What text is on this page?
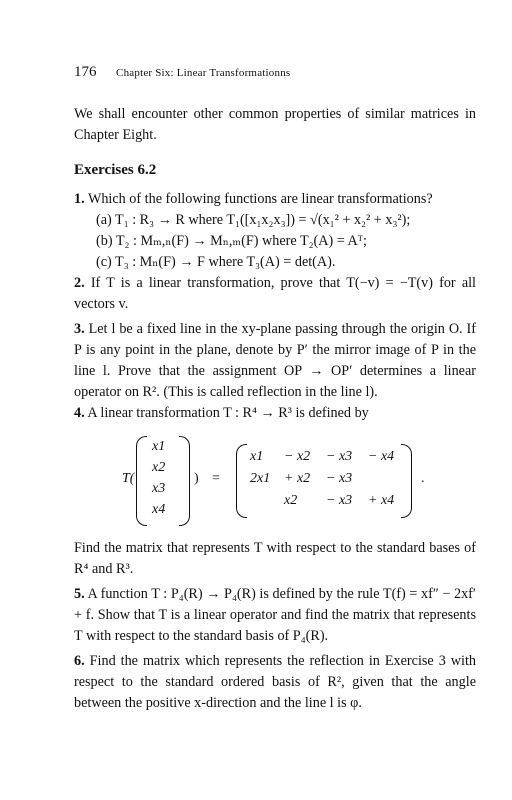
176 Chapter Six: Linear Transformationns

We shall encounter other common properties of similar matrices in Chapter Eight.

Exercises 6.2

1. Which of the following functions are linear transformations?

(a) T₁ : R₃ → R where T₁([x₁x₂x₃]) = √(x₁² + x₂² + x₃²);

(b) T₂ : Mₘ,ₙ(F) → Mₙ,ₘ(F) where T₂(A) = Aᵀ;

(c) T₃ : Mₙ(F) → F where T₃(A) = det(A).

2. If T is a linear transformation, prove that T(−v) = −T(v) for all vectors v.

3. Let l be a fixed line in the xy-plane passing through the origin O. If P is any point in the plane, denote by P′ the mirror image of P in the line l. Prove that the assignment OP → OP′ determines a linear operator on R². (This is called reflection in the line l).

4. A linear transformation T : R⁴ → R³ is defined by

T(
x1
x2
x3
x4
) =
x1 − x2 − x3 − x4
2x1 + x2 − x3
x2 − x3 + x4
.

Find the matrix that represents T with respect to the standard bases of R⁴ and R³.

5. A function T : P₄(R) → P₄(R) is defined by the rule T(f) = xf″ − 2xf′ + f. Show that T is a linear operator and find the matrix that represents T with respect to the standard basis of P₄(R).

6. Find the matrix which represents the reflection in Exercise 3 with respect to the standard ordered basis of R², given that the angle between the positive x-direction and the line l is φ.
